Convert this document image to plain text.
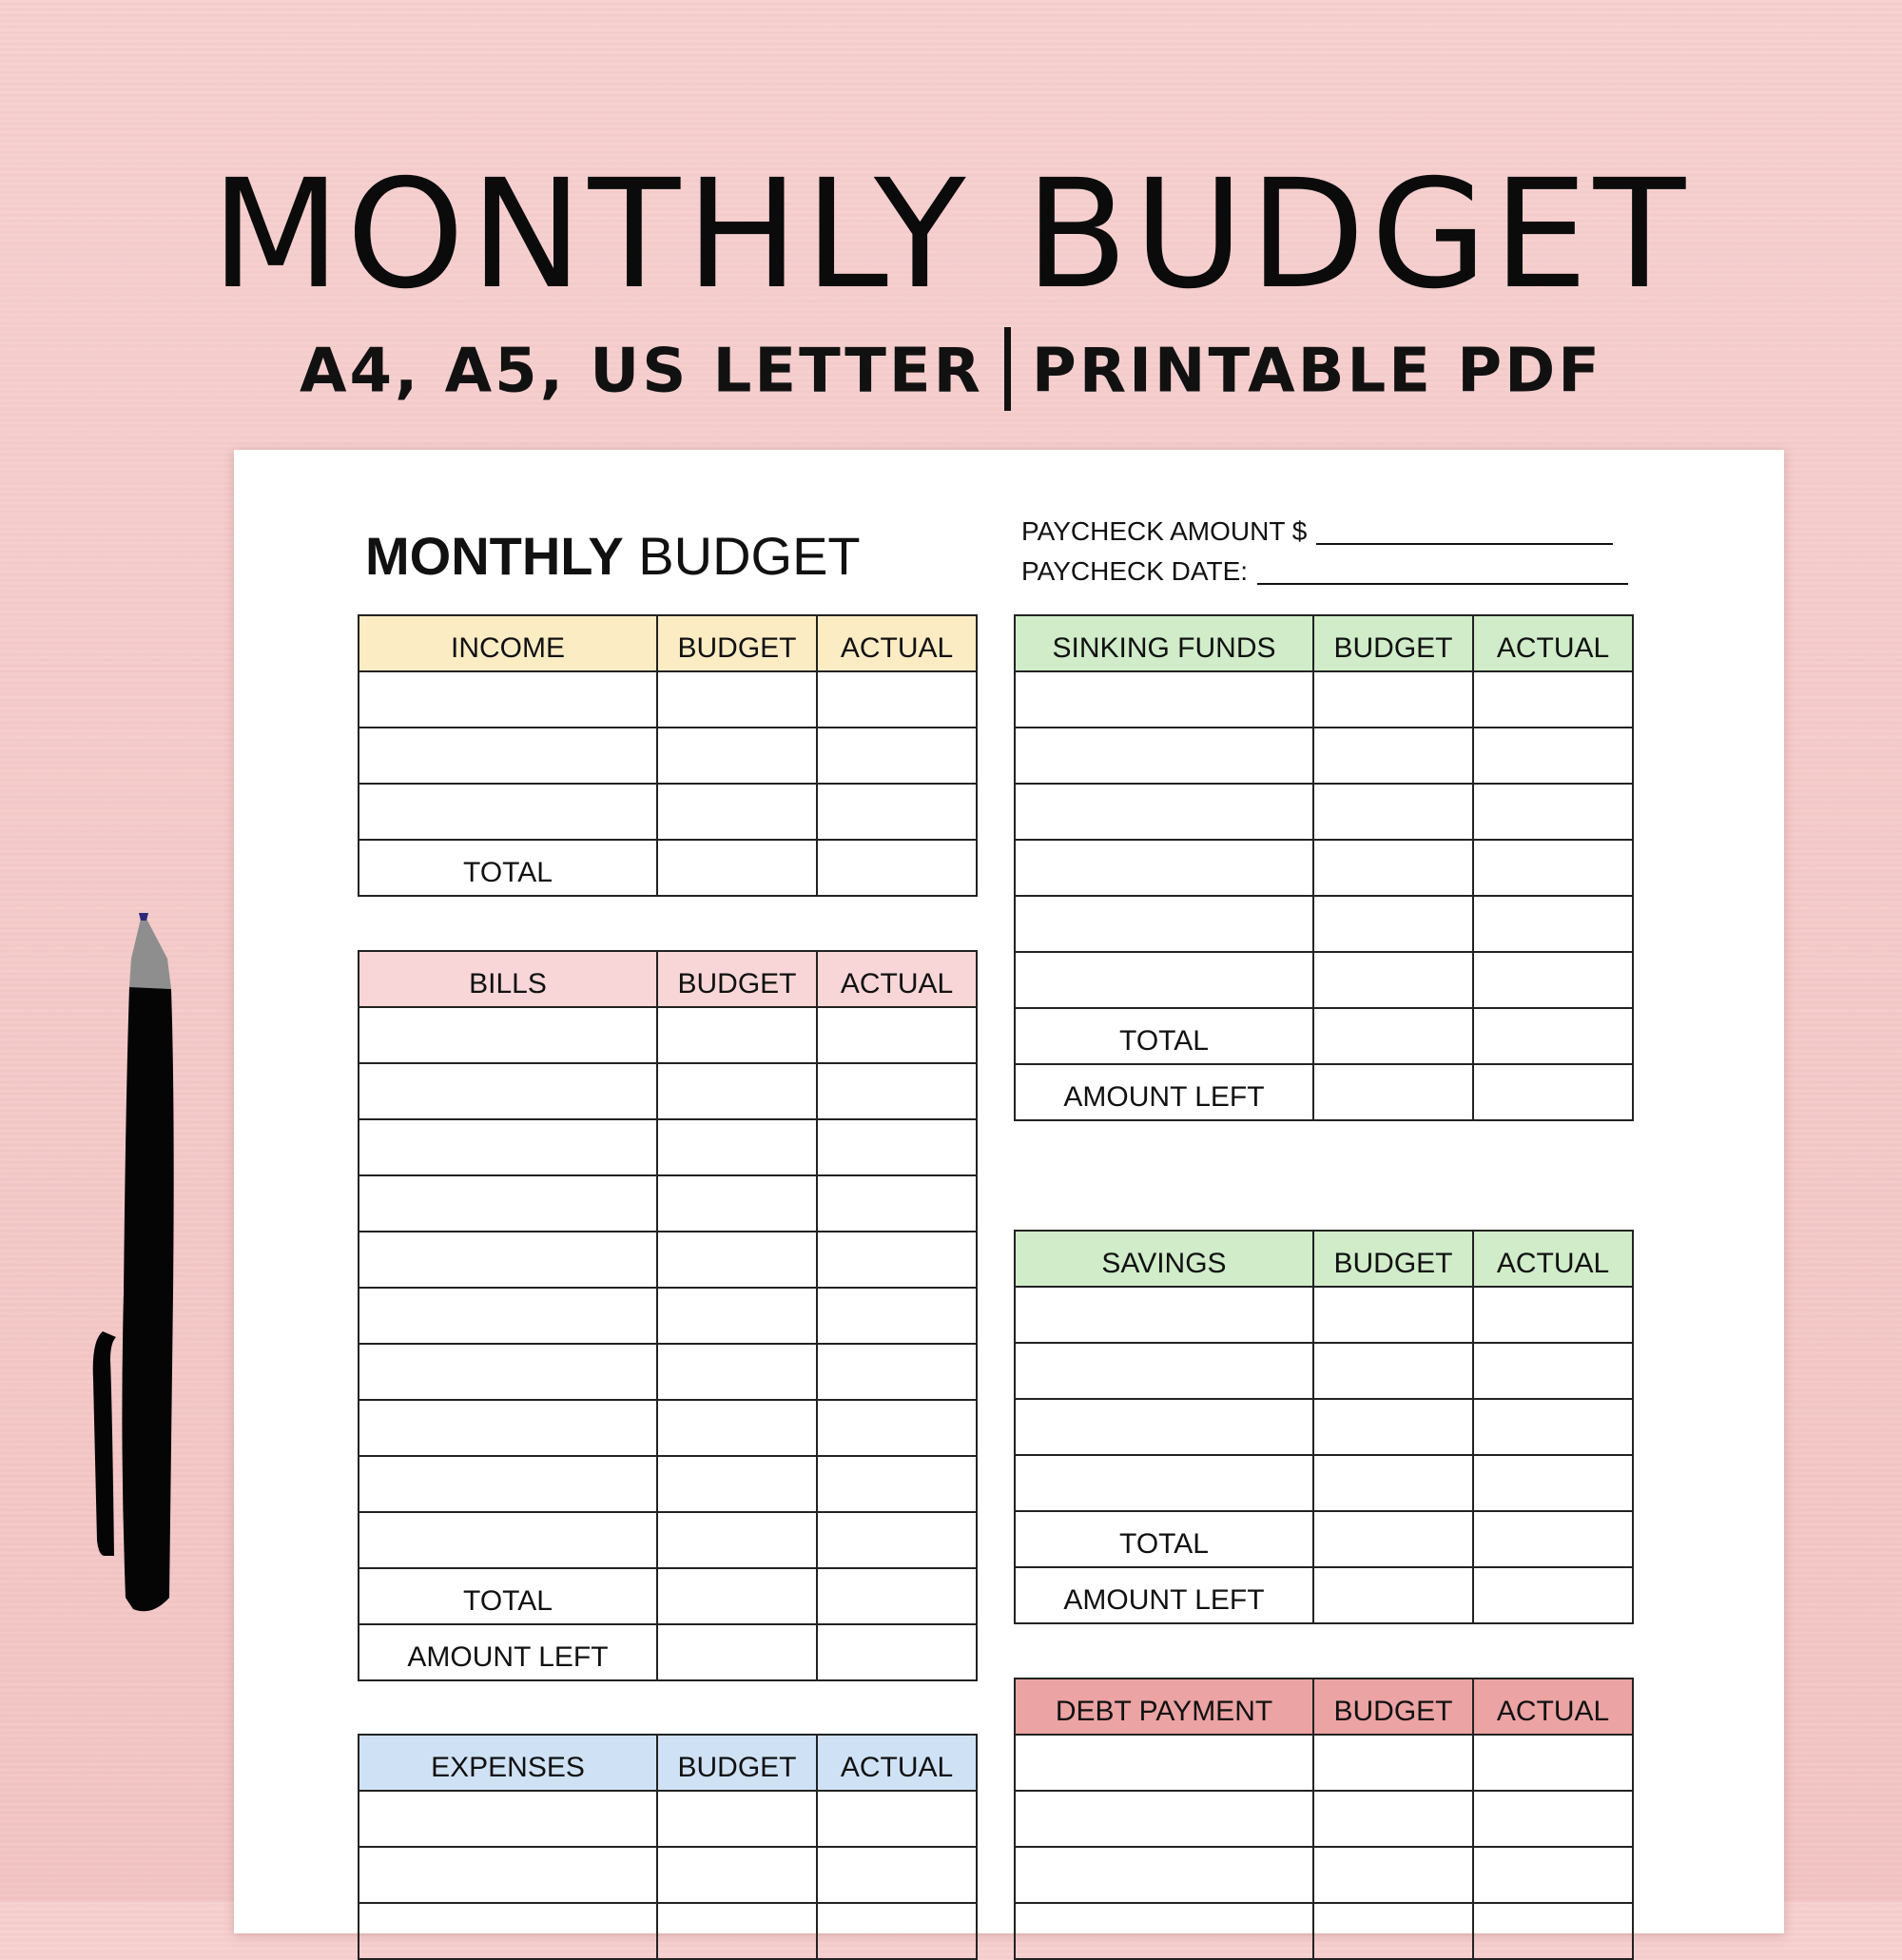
MONTHLY BUDGET
A4, A5, US LETTER PRINTABLE PDF
MONTHLY BUDGET	PAYCHECK AMOUNT $
PAYCHECK DATE:
INCOME	BUDGET	ACTUAL

TOTAL		
BILLS	BUDGET	ACTUAL

TOTAL		
AMOUNT LEFT		
EXPENSES	BUDGET	ACTUAL

SINKING FUNDS	BUDGET	ACTUAL

TOTAL		
AMOUNT LEFT		
SAVINGS	BUDGET	ACTUAL

TOTAL		
AMOUNT LEFT		
DEBT PAYMENT	BUDGET	ACTUAL
